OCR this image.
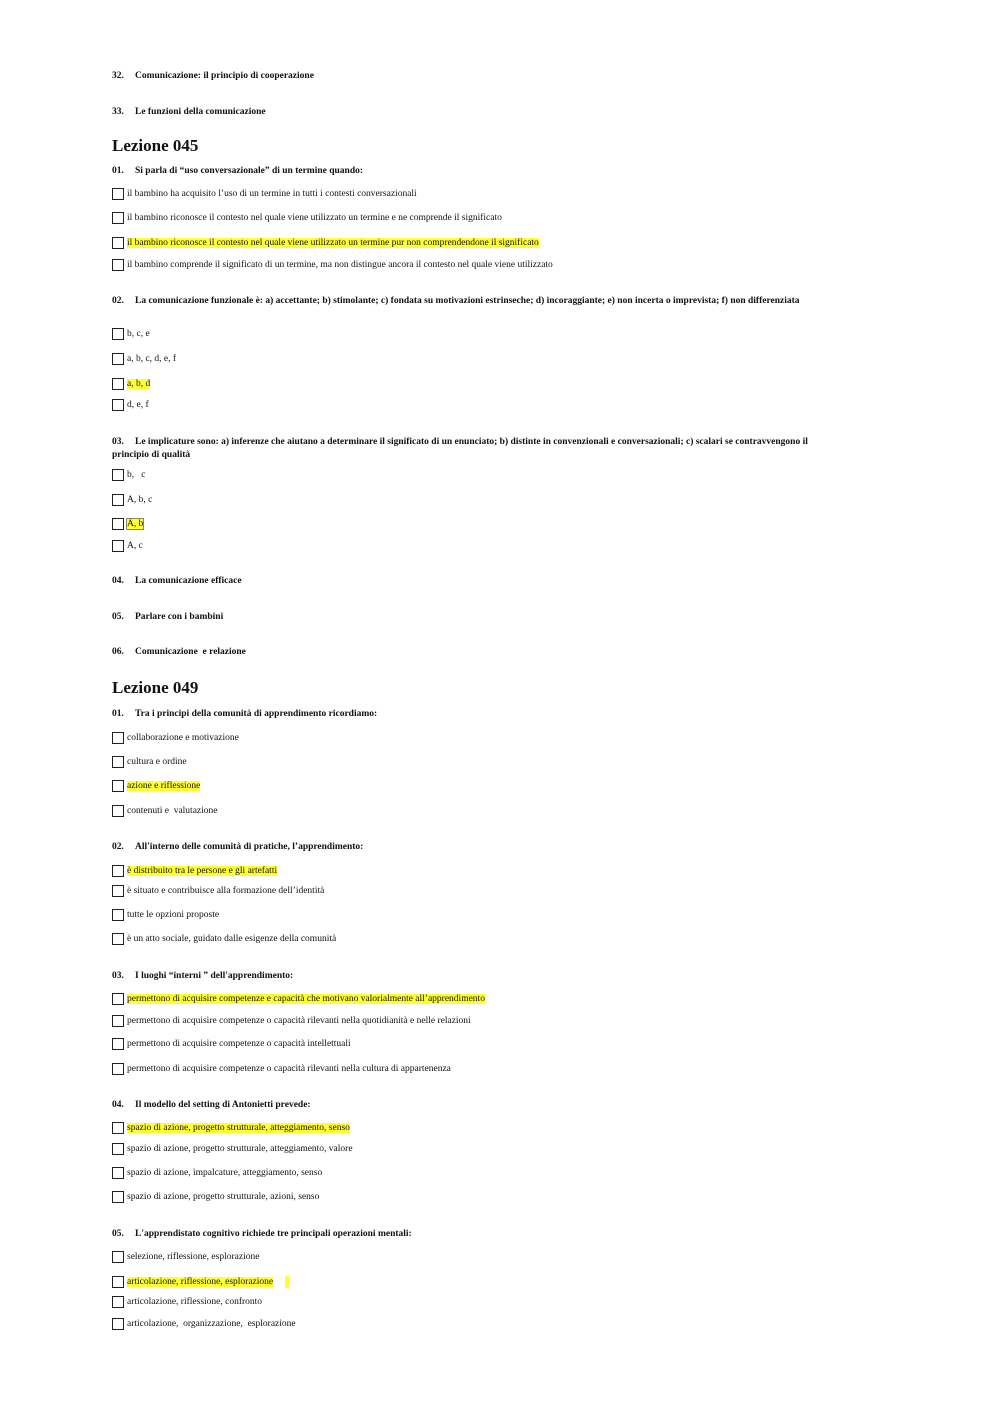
32. Comunicazione: il principio di cooperazione
33. Le funzioni della comunicazione
Lezione 045
01. Si parla di “uso conversazionale” di un termine quando:
il bambino ha acquisito l’uso di un termine in tutti i contesti conversazionali
il bambino riconosce il contesto nel quale viene utilizzato un termine e ne comprende il significato
il bambino riconosce il contesto nel quale viene utilizzato un termine pur non comprendendone il significato
il bambino comprende il significato di un termine, ma non distingue ancora il contesto nel quale viene utilizzato
02. La comunicazione funzionale è: a) accettante; b) stimolante; c) fondata su motivazioni estrinseche; d) incoraggiante; e) non incerta o imprevista; f) non differenziata
b, c, e
a, b, c, d, e, f
a, b, d
d, e, f
03. Le implicature sono: a) inferenze che aiutano a determinare il significato di un enunciato; b) distinte in convenzionali e conversazionali; c) scalari se contravvengono il principio di qualità
b,   c
A, b, c
A, b
A, c
04. La comunicazione efficace
05. Parlare con i bambini
06. Comunicazione  e relazione
Lezione 049
01. Tra i principi della comunità di apprendimento ricordiamo:
collaborazione e motivazione
cultura e ordine
azione e riflessione
contenuti e  valutazione
02. All'interno delle comunità di pratiche, l’apprendimento:
è distribuito tra le persone e gli artefatti
è situato e contribuisce alla formazione dell’identità
tutte le opzioni proposte
è un atto sociale, guidato dalle esigenze della comunità
03. I luoghi “interni ” dell'apprendimento:
permettono di acquisire competenze e capacità che motivano valorialmente all’apprendimento
permettono di acquisire competenze o capacità rilevanti nella quotidianità e nelle relazioni
permettono di acquisire competenze o capacità intellettuali
permettono di acquisire competenze o capacità rilevanti nella cultura di appartenenza
04. Il modello del setting di Antonietti prevede:
spazio di azione, progetto strutturale, atteggiamento, senso
spazio di azione, progetto strutturale, atteggiamento, valore
spazio di azione, impalcature, atteggiamento, senso
spazio di azione, progetto strutturale, azioni, senso
05. L'apprendistato cognitivo richiede tre principali operazioni mentali:
selezione, riflessione, esplorazione
articolazione, riflessione, esplorazione
articolazione, riflessione, confronto
articolazione,  organizzazione,  esplorazione
